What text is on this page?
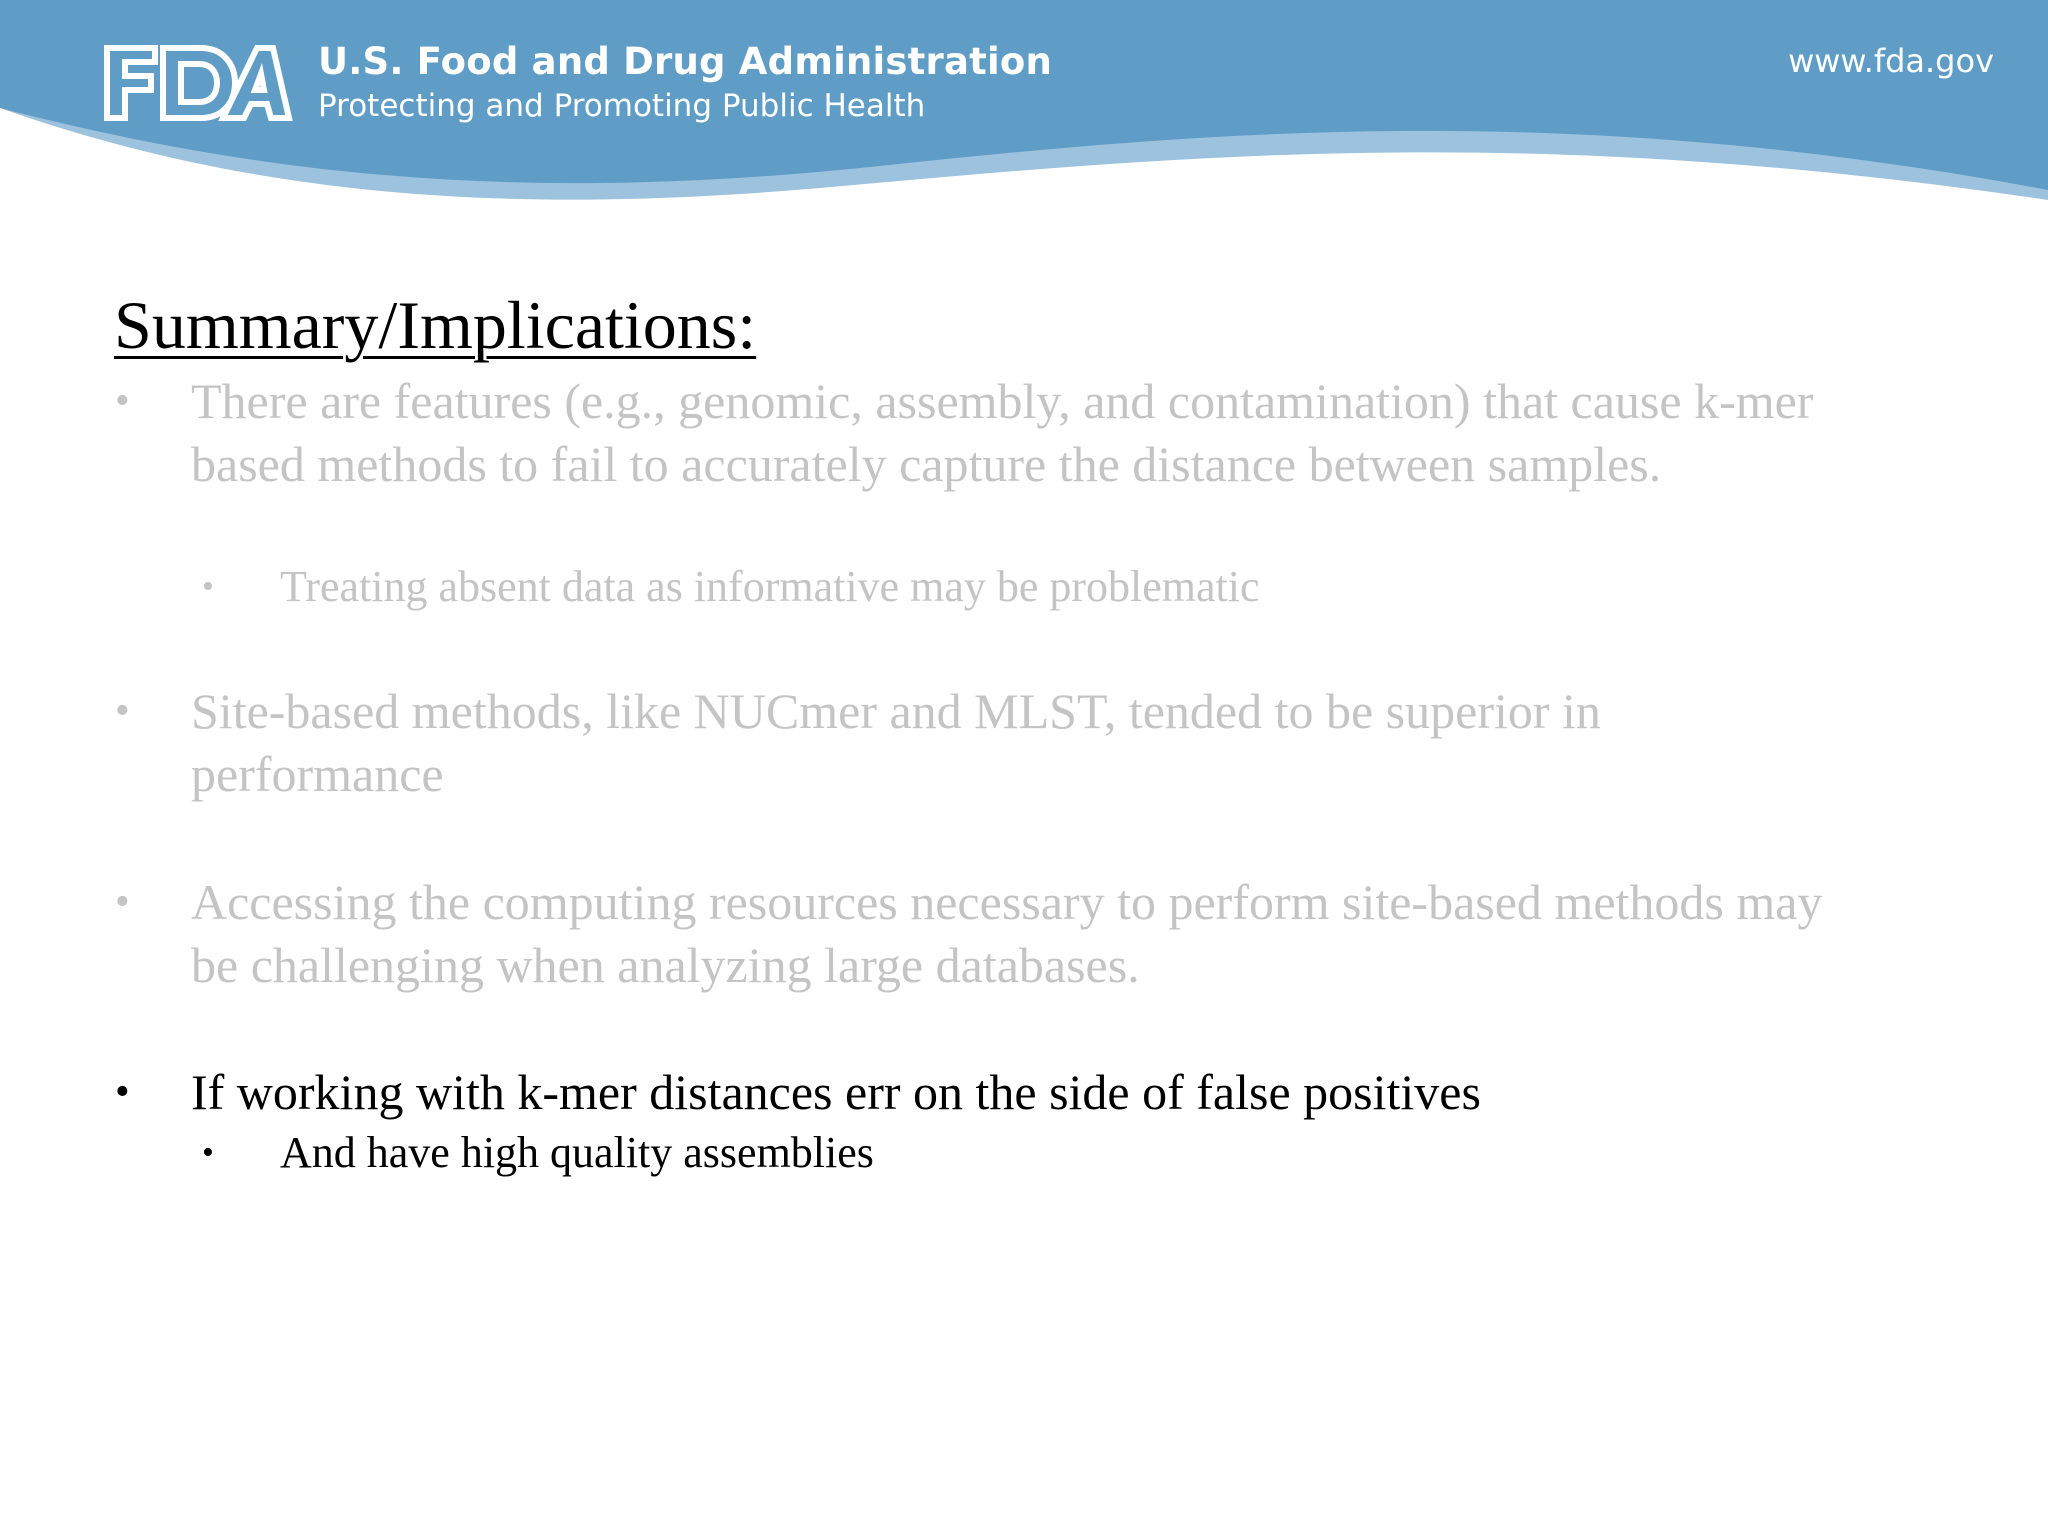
U.S. Food and Drug Administration
Protecting and Promoting Public Health
www.fda.gov
Summary/Implications:
• There are features (e.g., genomic, assembly, and contamination) that cause k-mer based methods to fail to accurately capture the distance between samples.
• Treating absent data as informative may be problematic
• Site-based methods, like NUCmer and MLST, tended to be superior in performance
• Accessing the computing resources necessary to perform site-based methods may be challenging when analyzing large databases.
• If working with k-mer distances err on the side of false positives
• And have high quality assemblies
